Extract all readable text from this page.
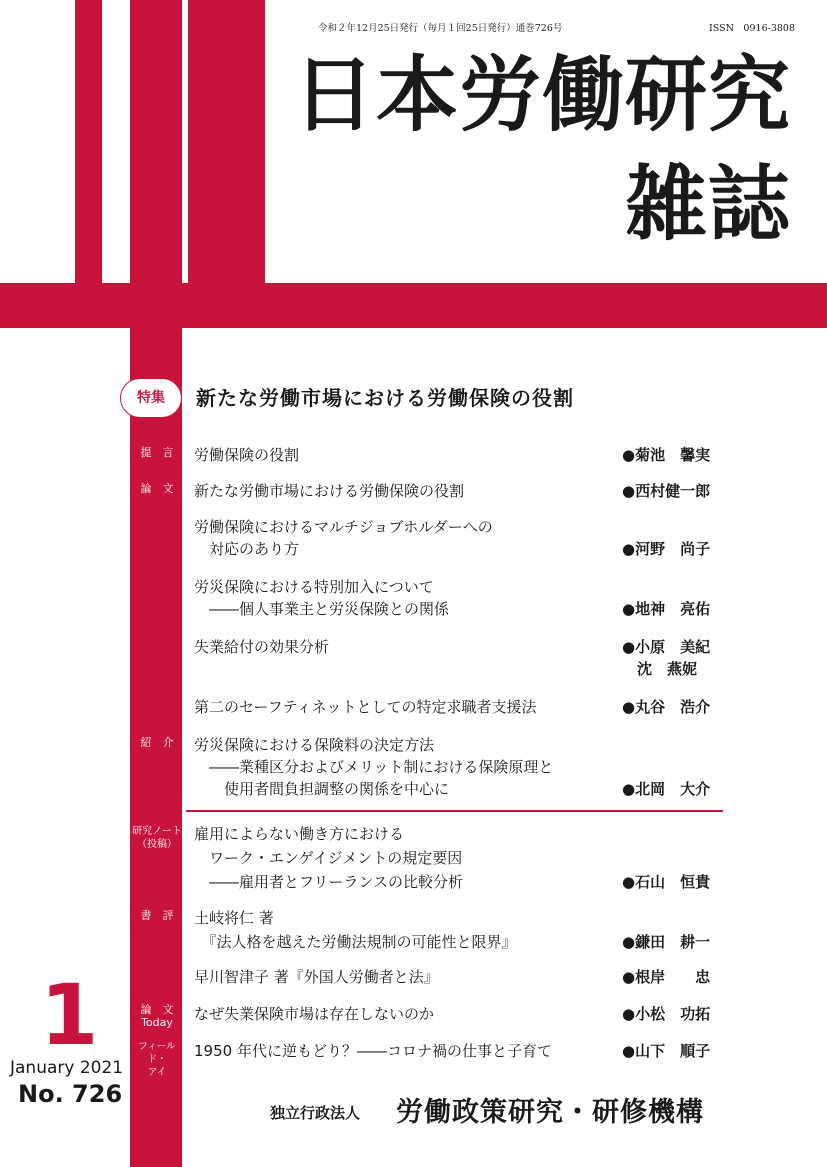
令和２年12月25日発行（毎月１回25日発行）通巻726号	ISSN　0916-3808
日本労働研究
雑誌
特集	新たな労働市場における労働保険の役割
提　言	労働保険の役割	●菊池　馨実
論　文	新たな労働市場における労働保険の役割	●西村健一郎
労働保険におけるマルチジョブホルダーへの
　対応のあり方	●河野　尚子
労災保険における特別加入について
　――個人事業主と労災保険との関係	●地神　亮佑
失業給付の効果分析	●小原　美紀
　沈　燕妮
第二のセーフティネットとしての特定求職者支援法	●丸谷　浩介
紹　介	労災保険における保険料の決定方法
　――業種区分およびメリット制における保険原理と
　　使用者間負担調整の関係を中心に	●北岡　大介
研究ノート
（投稿）
雇用によらない働き方における
　ワーク・エンゲイジメントの規定要因
　――雇用者とフリーランスの比較分析	●石山　恒貴
書　評	土岐将仁 著
　『法人格を越えた労働法規制の可能性と限界』	●鎌田　耕一
早川智津子 著『外国人労働者と法』	●根岸　　忠
論　文
Today	なぜ失業保険市場は存在しないのか	●小松　功拓
フィールド・
アイ
1950 年代に逆もどり？――コロナ禍の仕事と子育て	●山下　順子
1
January 2021
No. 726
独立行政法人 労働政策研究・研修機構
